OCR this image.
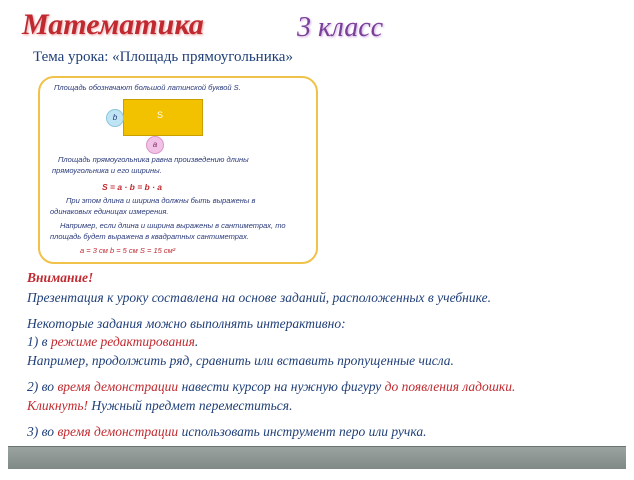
Математика	3 класс
Тема урока: «Площадь прямоугольника»
Площадь обозначают большой латинской буквой S.
S
b
a
Площадь прямоугольника равна произведению длины
прямоугольника и его ширины.
S = a · b = b · a
При этом длина и ширина должны быть выражены в
одинаковых единицах измерения.
Например, если длина и ширина выражены в сантиметрах, то
площадь будет выражена в квадратных сантиметрах.
a = 3 см b = 5 см S = 15 см²
Внимание!
Презентация к уроку составлена на основе заданий, расположенных в учебнике.
Некоторые задания можно выполнять интерактивно:
1) в режиме редактирования.
Например, продолжить ряд, сравнить или вставить пропущенные числа.
2) во время демонстрации навести курсор на нужную фигуру до появления ладошки.
Кликнуть! Нужный предмет переместиться.
3) во время демонстрации использовать инструмент перо или ручка.
